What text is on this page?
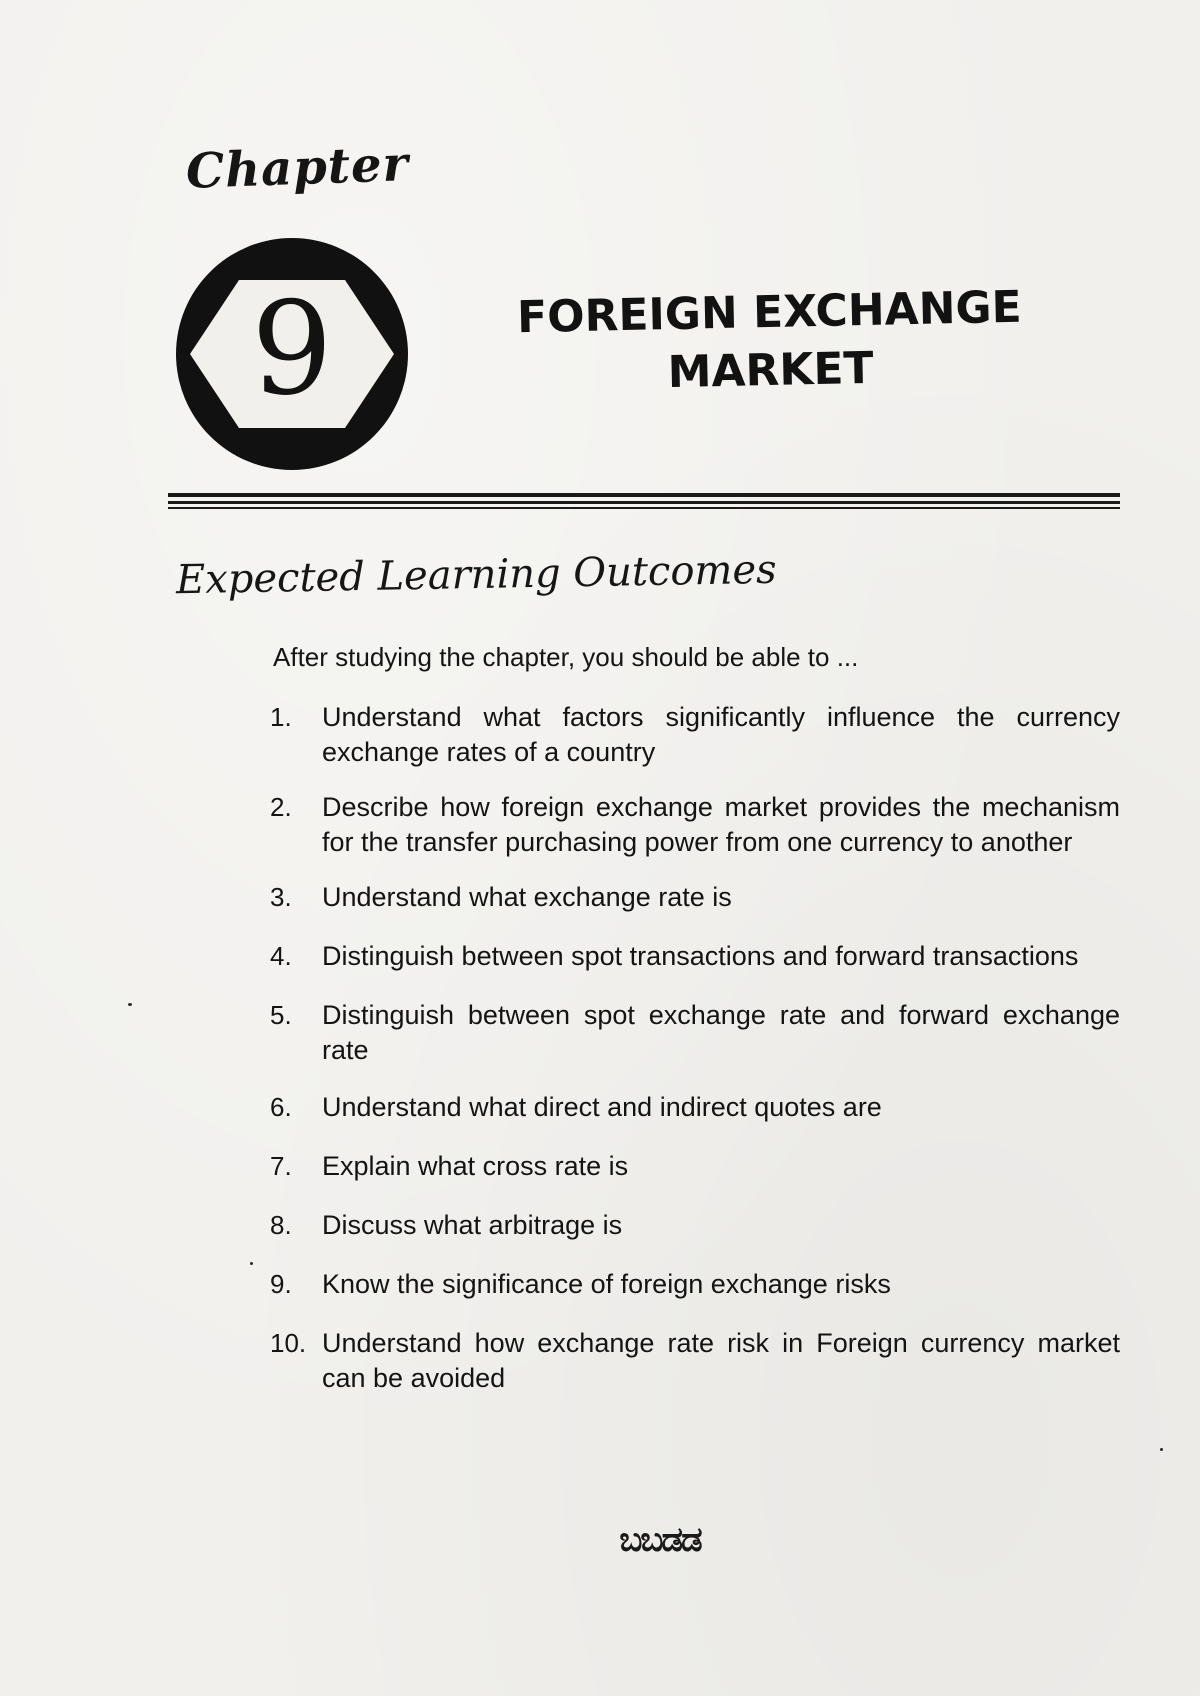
Chapter
9	FOREIGN EXCHANGE
MARKET
Expected Learning Outcomes
After studying the chapter, you should be able to ...
1.	Understand what factors significantly influence the currency exchange rates of a country
2.	Describe how foreign exchange market provides the mechanism for the transfer purchasing power from one currency to another
3.	Understand what exchange rate is
4.	Distinguish between spot transactions and forward transactions
5.	Distinguish between spot exchange rate and forward exchange rate
6.	Understand what direct and indirect quotes are
7.	Explain what cross rate is
8.	Discuss what arbitrage is
9.	Know the significance of foreign exchange risks
10. Understand how exchange rate risk in Foreign currency market can be avoided
ಬಬಡಡ
